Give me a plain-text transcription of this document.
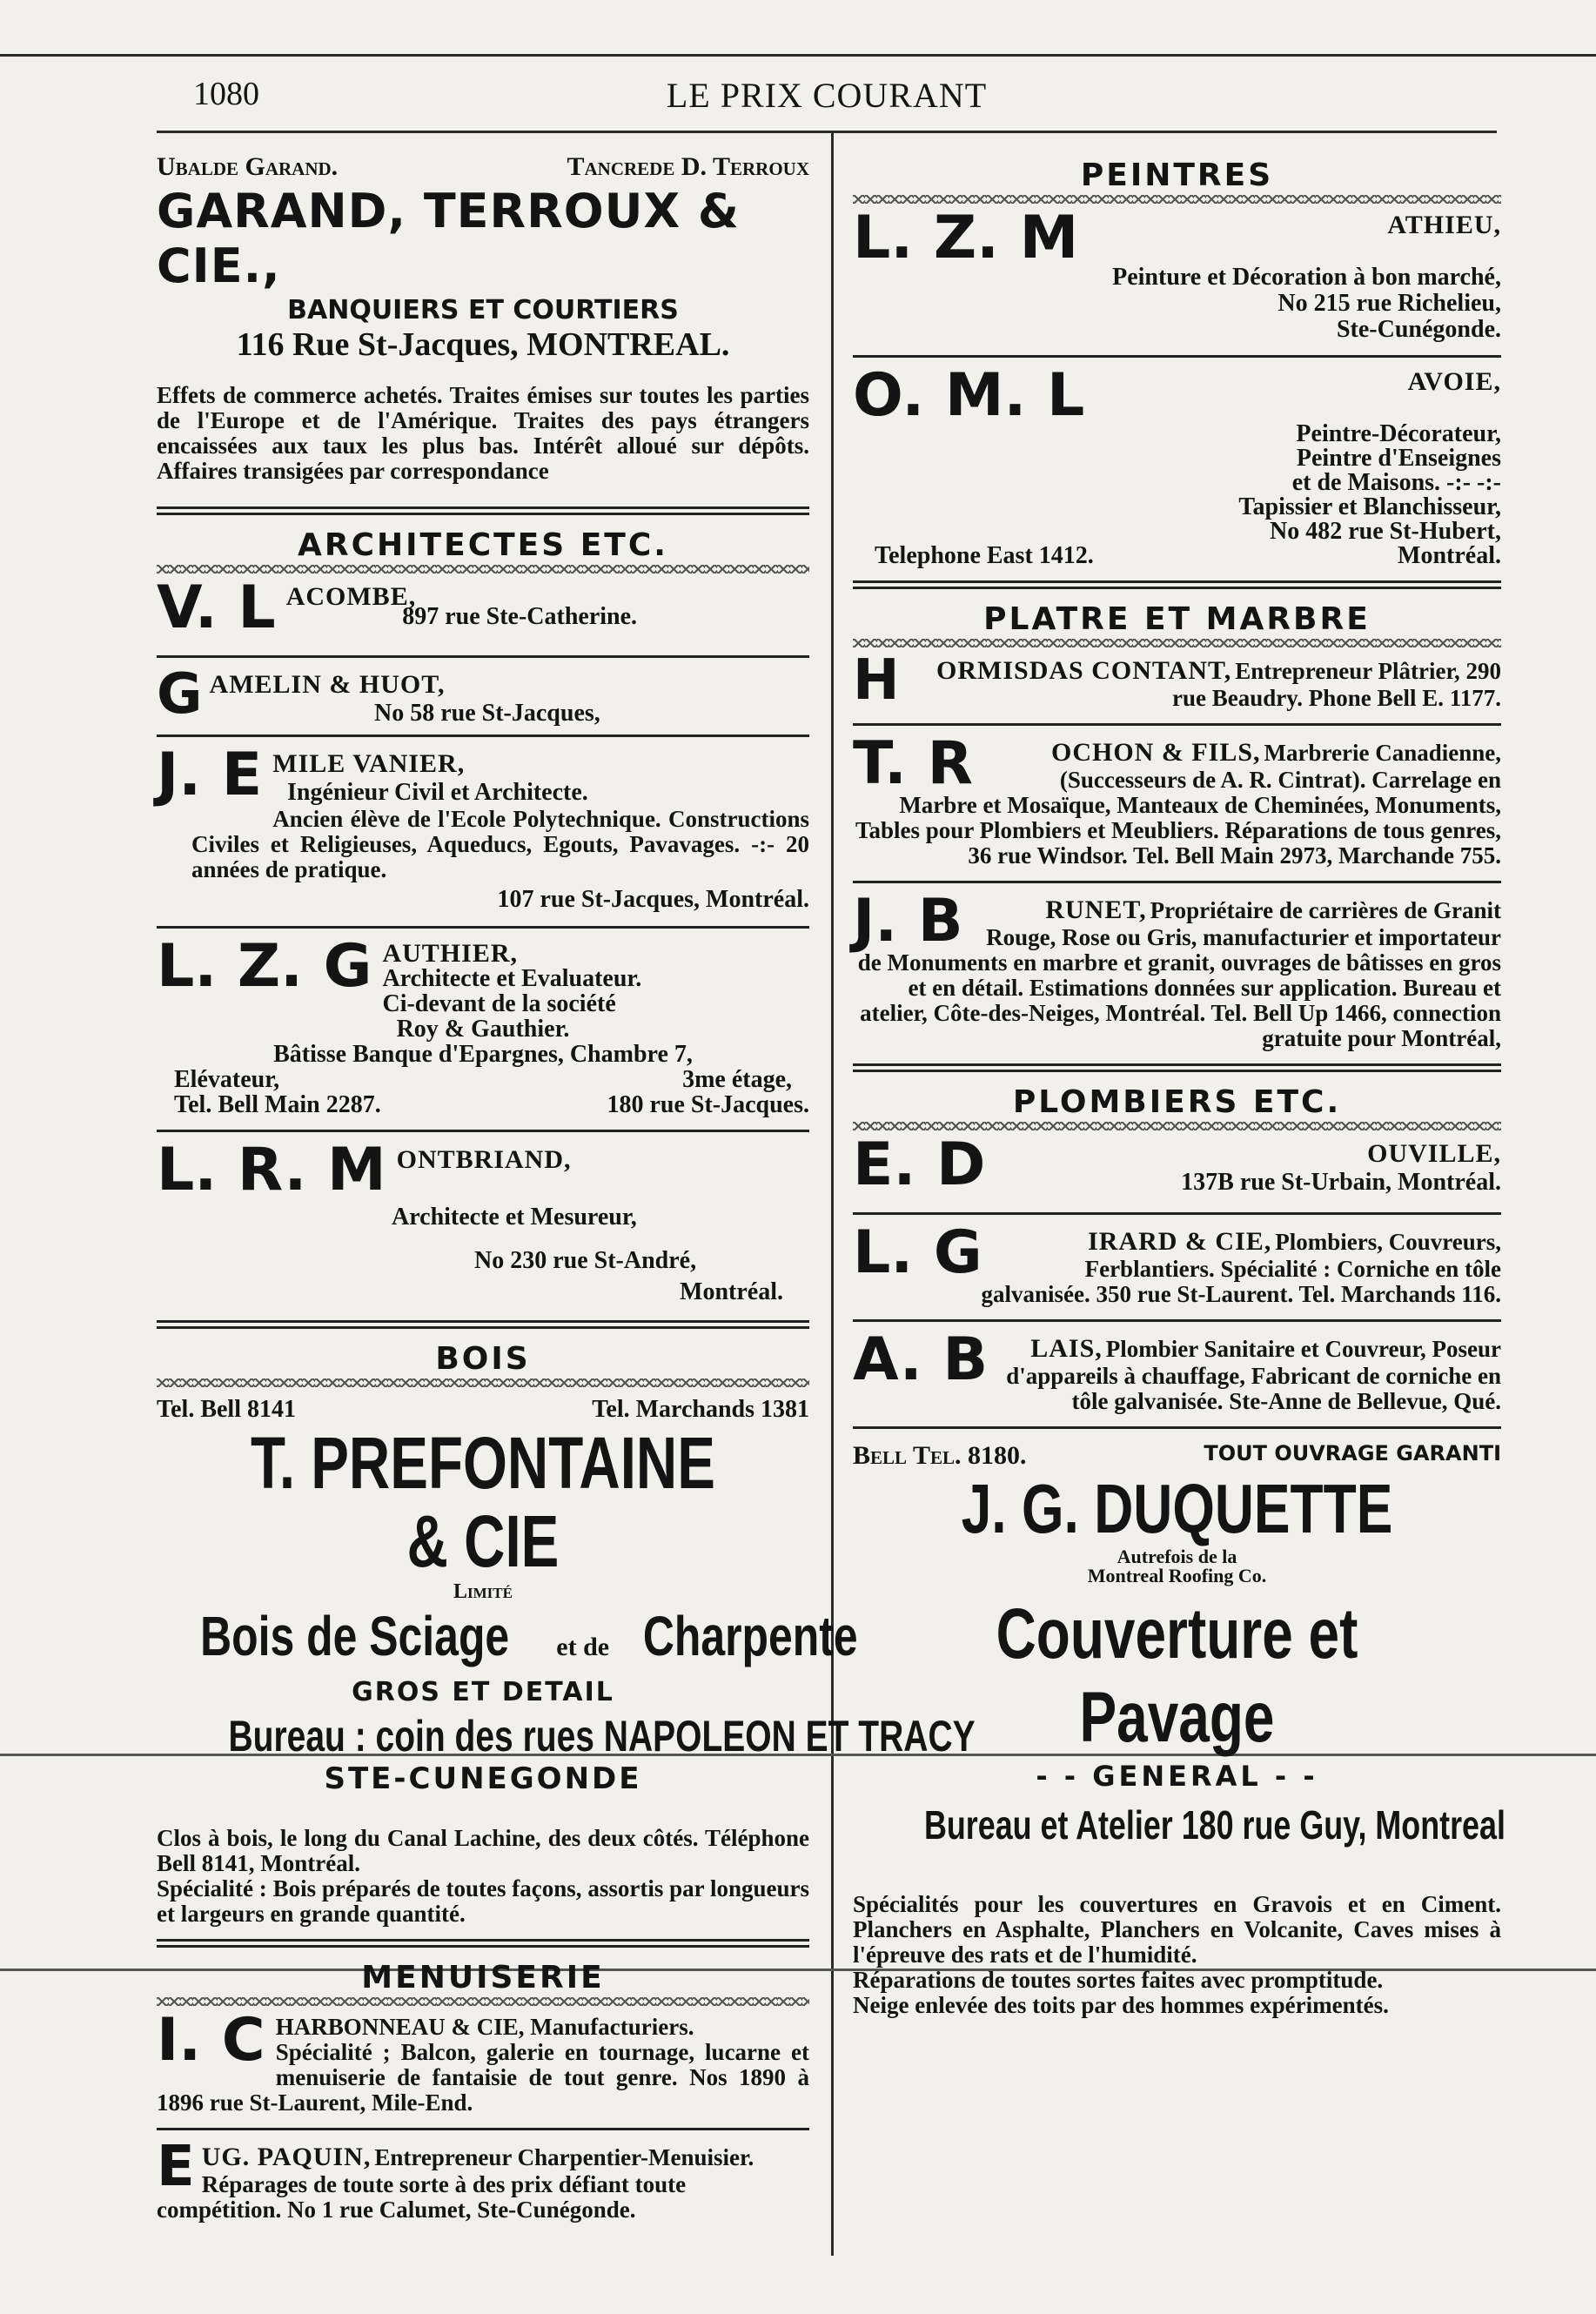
1080	LE PRIX COURANT
Ubalde Garand.	Tancrede D. Terroux
GARAND, TERROUX & CIE.,
BANQUIERS ET COURTIERS
116 Rue St-Jacques, MONTREAL.

Effets de commerce achetés. Traites émises sur toutes les parties de l'Europe et de l'Amérique. Traites des pays étrangers encaissées aux taux les plus bas. Intérêt alloué sur dépôts. Affaires transigées par correspondance

ARCHITECTES ETC.
V. L ACOMBE, 897 rue Ste-Catherine.
G AMELIN & HUOT,
No 58 rue St-Jacques,
J. E MILE VANIER,
Ingénieur Civil et Architecte.

Ancien élève de l'Ecole Polytechnique. Constructions Civiles et Religieuses, Aqueducs, Egouts, Pavavages. -:- 20 années de pratique.

107 rue St-Jacques, Montréal.
L. Z. G AUTHIER,
Architecte et Evaluateur.
Ci-devant de la société
Roy & Gauthier.
Bâtisse Banque d'Epargnes, Chambre 7,
Elévateur,	3me étage,
Tel. Bell Main 2287.	180 rue St-Jacques.
L. R. M ONTBRIAND,
Architecte et Mesureur,
No 230 rue St-André,
Montréal.
BOIS
Tel. Bell 8141	Tel. Marchands 1381
T. PREFONTAINE & CIE
Limité
Bois de Sciage et de Charpente
GROS ET DETAIL
Bureau : coin des rues NAPOLEON ET TRACY
STE-CUNEGONDE

Clos à bois, le long du Canal Lachine, des deux côtés. Téléphone Bell 8141, Montréal.

Spécialité : Bois préparés de toutes façons, assortis par longueurs et largeurs en grande quantité.

MENUISERIE
I. C HARBONNEAU & CIE, Manufacturiers.

Spécialité ; Balcon, galerie en tournage, lucarne et menuiserie de fantaisie de tout genre. Nos 1890 à 1896 rue St-Laurent, Mile-End.

E UG. PAQUIN, Entrepreneur Charpentier-Menuisier. Réparages de toute sorte à des prix défiant toute compétition. No 1 rue Calumet, Ste-Cunégonde.
PEINTRES
L. Z. M	ATHIEU,
Peinture et Décoration à bon marché,
No 215 rue Richelieu,
Ste-Cunégonde.
O. M. L	AVOIE,
Peintre-Décorateur,
Peintre d'Enseignes
et de Maisons. -:- -:-
Tapissier et Blanchisseur,
No 482 rue St-Hubert,
Telephone East 1412.	Montréal.
PLATRE ET MARBRE
H ORMISDAS CONTANT, Entrepreneur Plâtrier, 290 rue Beaudry. Phone Bell E. 1177.
T. R	OCHON & FILS, Marbrerie Canadienne, (Successeurs de A. R. Cintrat). Carrelage en Marbre et Mosaïque, Manteaux de Cheminées, Monuments, Tables pour Plombiers et Meubliers. Réparations de tous genres, 36 rue Windsor. Tel. Bell Main 2973, Marchande 755.
J. B	RUNET, Propriétaire de carrières de Granit Rouge, Rose ou Gris, manufacturier et importateur de Monuments en marbre et granit, ouvrages de bâtisses en gros et en détail. Estimations données sur application. Bureau et atelier, Côte-des-Neiges, Montréal. Tel. Bell Up 1466, connection gratuite pour Montréal,
PLOMBIERS ETC.
E. D	OUVILLE,
137B rue St-Urbain, Montréal.
L. G	IRARD & CIE, Plombiers, Couvreurs, Ferblantiers. Spécialité : Corniche en tôle galvanisée. 350 rue St-Laurent. Tel. Marchands 116.
A. B LAIS, Plombier Sanitaire et Couvreur, Poseur d'appareils à chauffage, Fabricant de corniche en tôle galvanisée. Ste-Anne de Bellevue, Qué.
Bell Tel. 8180.	TOUT OUVRAGE GARANTI
J. G. DUQUETTE
Autrefois de la
Montreal Roofing Co.
Couverture et Pavage
- - GENERAL - -
Bureau et Atelier 180 rue Guy, Montreal

Spécialités pour les couvertures en Gravois et en Ciment. Planchers en Asphalte, Planchers en Volcanite, Caves mises à l'épreuve des rats et de l'humidité.

Réparations de toutes sortes faites avec promptitude.

Neige enlevée des toits par des hommes expérimentés.
